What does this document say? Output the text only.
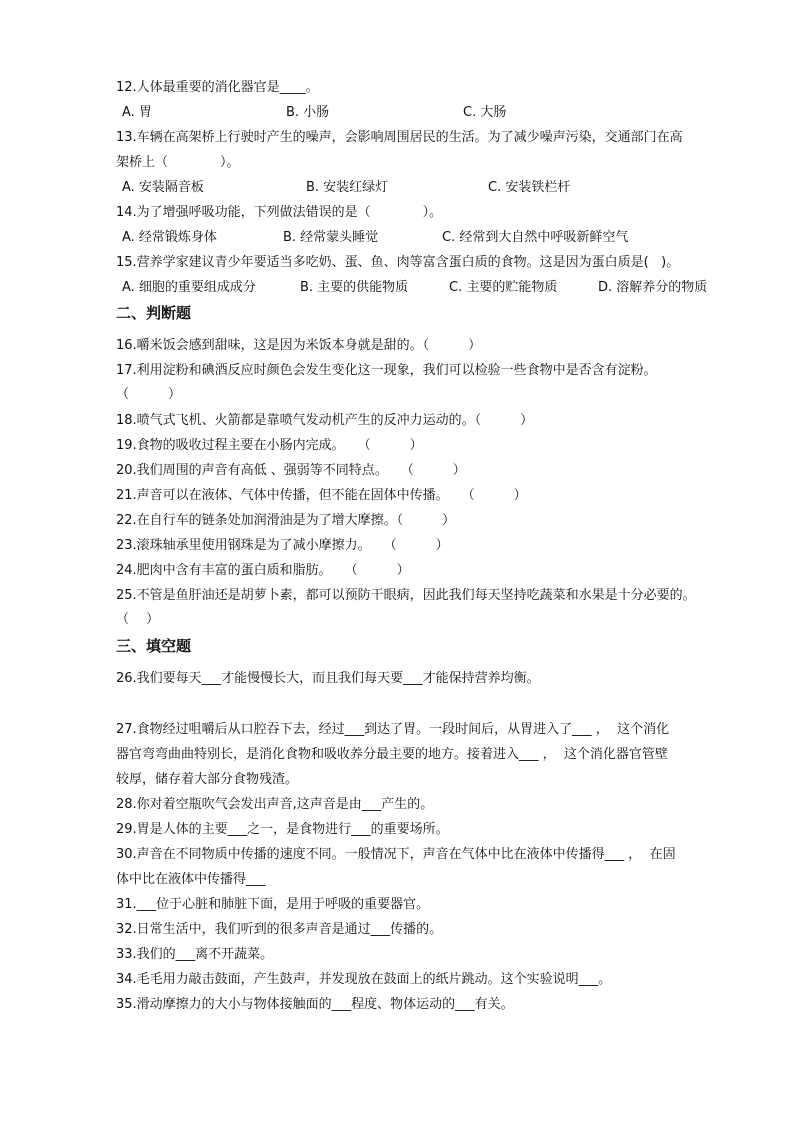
12.人体最重要的消化器官是____。
A. 胃	B. 小肠	C. 大肠
13.车辆在高架桥上行驶时产生的噪声，会影响周围居民的生活。为了减少噪声污染，交通部门在高
架桥上（　　　　）。
A. 安装隔音板	B. 安装红绿灯	C. 安装铁栏杆
14.为了增强呼吸功能，下列做法错误的是（　　　　）。
A. 经常锻炼身体	B. 经常蒙头睡觉	C. 经常到大自然中呼吸新鲜空气
15.营养学家建议青少年要适当多吃奶、蛋、鱼、肉等富含蛋白质的食物。这是因为蛋白质是(   )。
A. 细胞的重要组成成分	B. 主要的供能物质	C. 主要的贮能物质	D. 溶解养分的物质
二、判断题
16.嚼米饭会感到甜味，这是因为米饭本身就是甜的。（　　　）
17.利用淀粉和碘酒反应时颜色会发生变化这一现象，我们可以检验一些食物中是否含有淀粉。
（　　　）
18.喷气式飞机、火箭都是靠喷气发动机产生的反冲力运动的。（　　　）
19.食物的吸收过程主要在小肠内完成。　　（　　　）
20.我们周围的声音有高低 、强弱等不同特点。　　（　　　）
21.声音可以在液体、气体中传播，但不能在固体中传播。　　（　　　）
22.在自行车的链条处加润滑油是为了增大摩擦。（　　　）
23.滚珠轴承里使用钢珠是为了减小摩擦力。　　（　　　）
24.肥肉中含有丰富的蛋白质和脂肪。　　（　　　）
25.不管是鱼肝油还是胡萝卜素，都可以预防干眼病，因此我们每天坚持吃蔬菜和水果是十分必要的。
（　 ）
三、填空题
26.我们要每天___才能慢慢长大，而且我们每天要___才能保持营养均衡。
27.食物经过咀嚼后从口腔吞下去，经过___到达了胃。一段时间后，从胃进入了___ ，  这个消化
器官弯弯曲曲特别长，是消化食物和吸收养分最主要的地方。接着进入___ ，  这个消化器官管壁
较厚，储存着大部分食物残渣。
28.你对着空瓶吹气会发出声音,这声音是由___产生的。
29.胃是人体的主要___之一，是食物进行___的重要场所。
30.声音在不同物质中传播的速度不同。一般情况下，声音在气体中比在液体中传播得___ ，  在固
体中比在液体中传播得___
31.___位于心脏和肺脏下面，是用于呼吸的重要器官。
32.日常生活中，我们听到的很多声音是通过___传播的。
33.我们的___离不开蔬菜。
34.毛毛用力敲击鼓面，产生鼓声，并发现放在鼓面上的纸片跳动。这个实验说明___。
35.滑动摩擦力的大小与物体接触面的___程度、物体运动的___有关。
